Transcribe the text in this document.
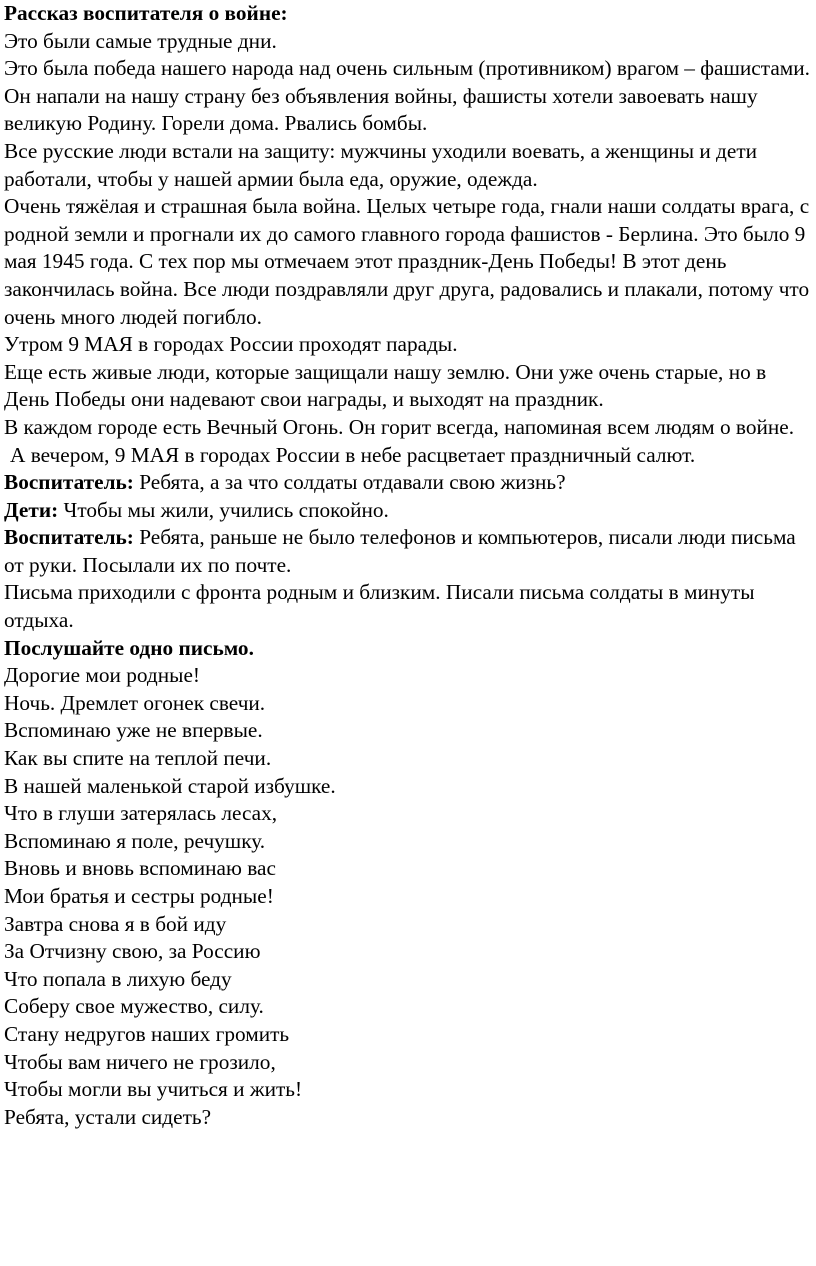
Рассказ воспитателя о войне:

Это были самые трудные дни.

Это была победа нашего народа над очень сильным (противником) врагом – фашистами.

Он напали на нашу страну без объявления войны, фашисты хотели завоевать нашу великую Родину. Горели дома. Рвались бомбы.

Все русские люди встали на защиту: мужчины уходили воевать, а женщины и дети работали, чтобы у нашей армии была еда, оружие, одежда.

Очень тяжёлая и страшная была война. Целых четыре года, гнали наши солдаты врага, с родной земли и прогнали их до самого главного города фашистов - Берлина. Это было 9 мая 1945 года. С тех пор мы отмечаем этот праздник-День Победы! В этот день закончилась война. Все люди поздравляли друг друга, радовались и плакали, потому что очень много людей погибло.

Утром 9 МАЯ в городах России проходят парады.

Еще есть живые люди, которые защищали нашу землю. Они уже очень старые, но в День Победы они надевают свои награды, и выходят на праздник.

В каждом городе есть Вечный Огонь. Он горит всегда, напоминая всем людям о войне.

А вечером, 9 МАЯ в городах России в небе расцветает праздничный салют.

Воспитатель: Ребята, а за что солдаты отдавали свою жизнь?

Дети: Чтобы мы жили, учились спокойно.

Воспитатель: Ребята, раньше не было телефонов и компьютеров, писали люди письма от руки. Посылали их по почте.

Письма приходили с фронта родным и близким. Писали письма солдаты в минуты отдыха.

Послушайте одно письмо.

Дорогие мои родные!

Ночь. Дремлет огонек свечи.

Вспоминаю уже не впервые.

Как вы спите на теплой печи.

В нашей маленькой старой избушке.

Что в глуши затерялась лесах,

Вспоминаю я поле, речушку.

Вновь и вновь вспоминаю вас

Мои братья и сестры родные!

Завтра снова я в бой иду

За Отчизну свою, за Россию

Что попала в лихую беду

Соберу свое мужество, силу.

Стану недругов наших громить

Чтобы вам ничего не грозило,

Чтобы могли вы учиться и жить!

Ребята, устали сидеть?
